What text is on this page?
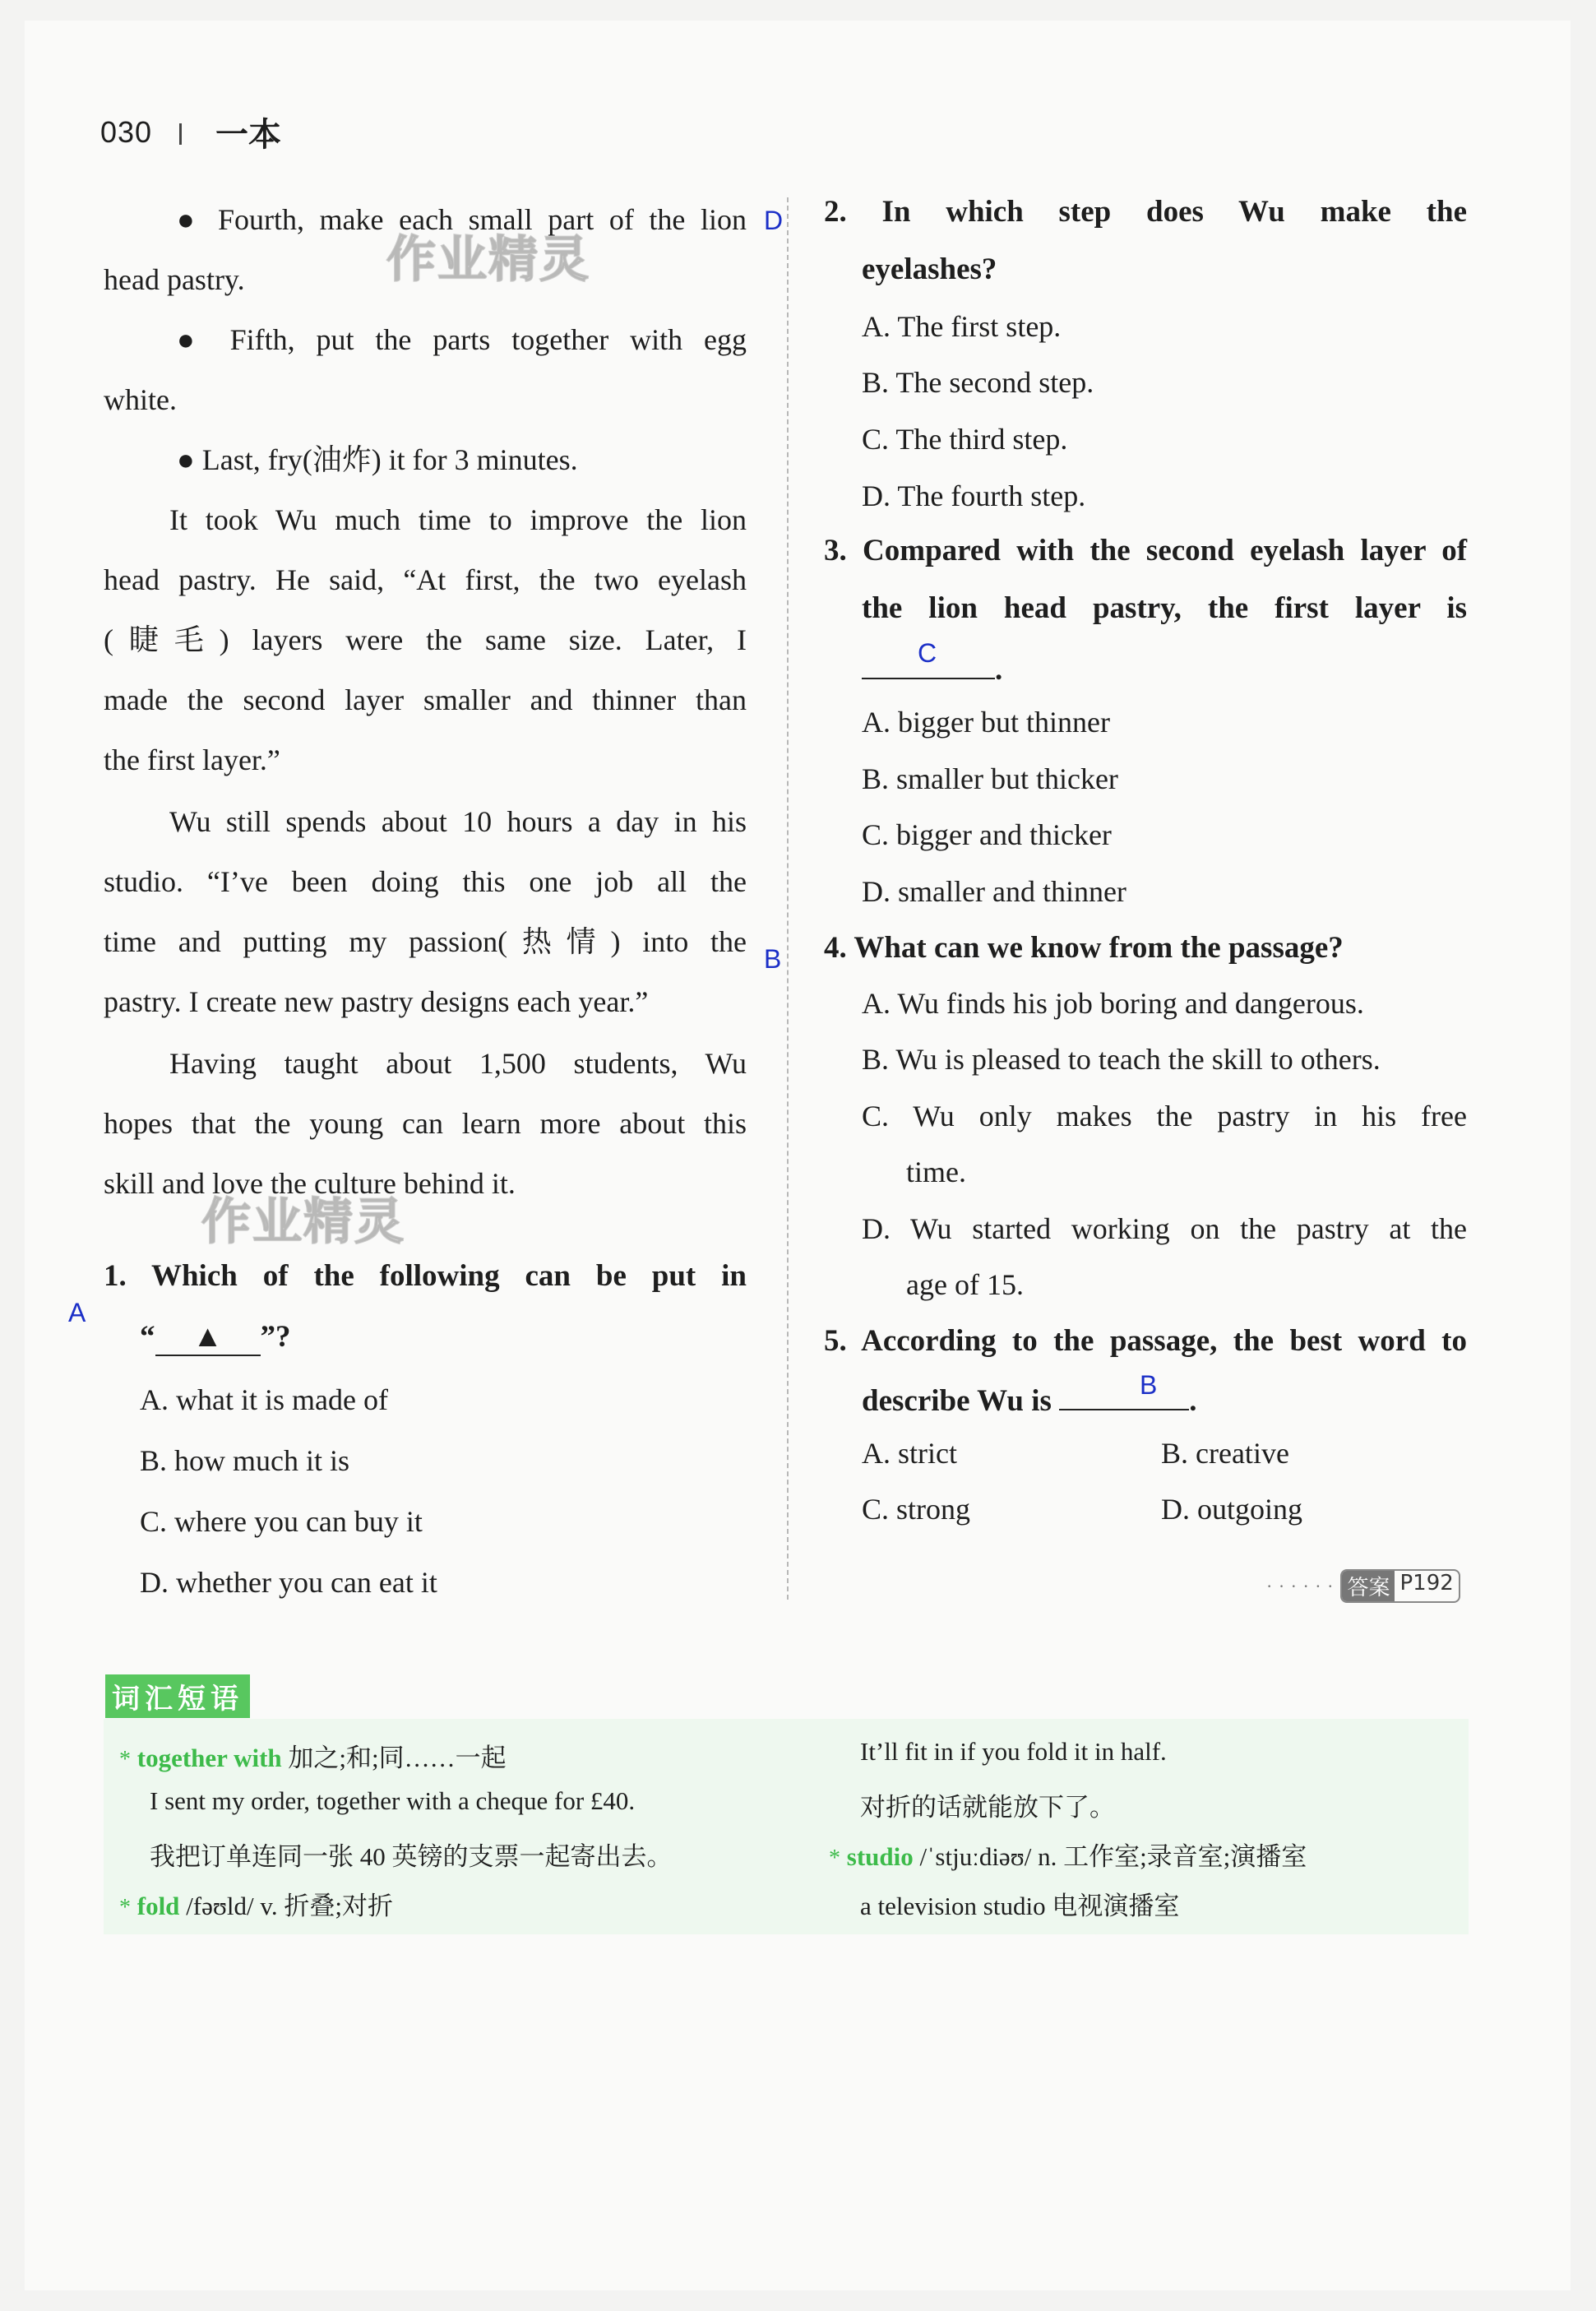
030 一本
作业精灵
作业精灵
● Fourth, make each small part of the lion
head pastry.
● Fifth, put the parts together with egg
white.
● Last, fry(油炸) it for 3 minutes.
It took Wu much time to improve the lion
head pastry. He said, “At first, the two eyelash
(睫毛) layers were the same size. Later, I
made the second layer smaller and thinner than
the first layer.”
Wu still spends about 10 hours a day in his
studio. “I’ve been doing this one job all the
time and putting my passion(热情) into the
pastry. I create new pastry designs each year.”
Having taught about 1,500 students, Wu
hopes that the young can learn more about this
skill and love the culture behind it.
1. Which of the following can be put in
“ ▲ ”?
A
A. what it is made of
B. how much it is
C. where you can buy it
D. whether you can eat it
D
B
2. In which step does Wu make the
eyelashes?
A. The first step.
B. The second step.
C. The third step.
D. The fourth step.
3. Compared with the second eyelash layer of
the lion head pastry, the first layer is
.
C
A. bigger but thinner
B. smaller but thicker
C. bigger and thicker
D. smaller and thinner
4. What can we know from the passage?
A. Wu finds his job boring and dangerous.
B. Wu is pleased to teach the skill to others.
C. Wu only makes the pastry in his free
time.
D. Wu started working on the pastry at the
age of 15.
5. According to the passage, the best word to
describe Wu is	.
B
A. strict	B. creative
C. strong	D. outgoing
· · · · · · 答案 P192
词汇短语
* together with 加之;和;同……一起
I sent my order, together with a cheque for £40.
我把订单连同一张 40 英镑的支票一起寄出去。
* fold /fəʊld/ v. 折叠;对折
It’ll fit in if you fold it in half.
对折的话就能放下了。
* studio /ˈstjuːdiəʊ/ n. 工作室;录音室;演播室
a television studio 电视演播室
